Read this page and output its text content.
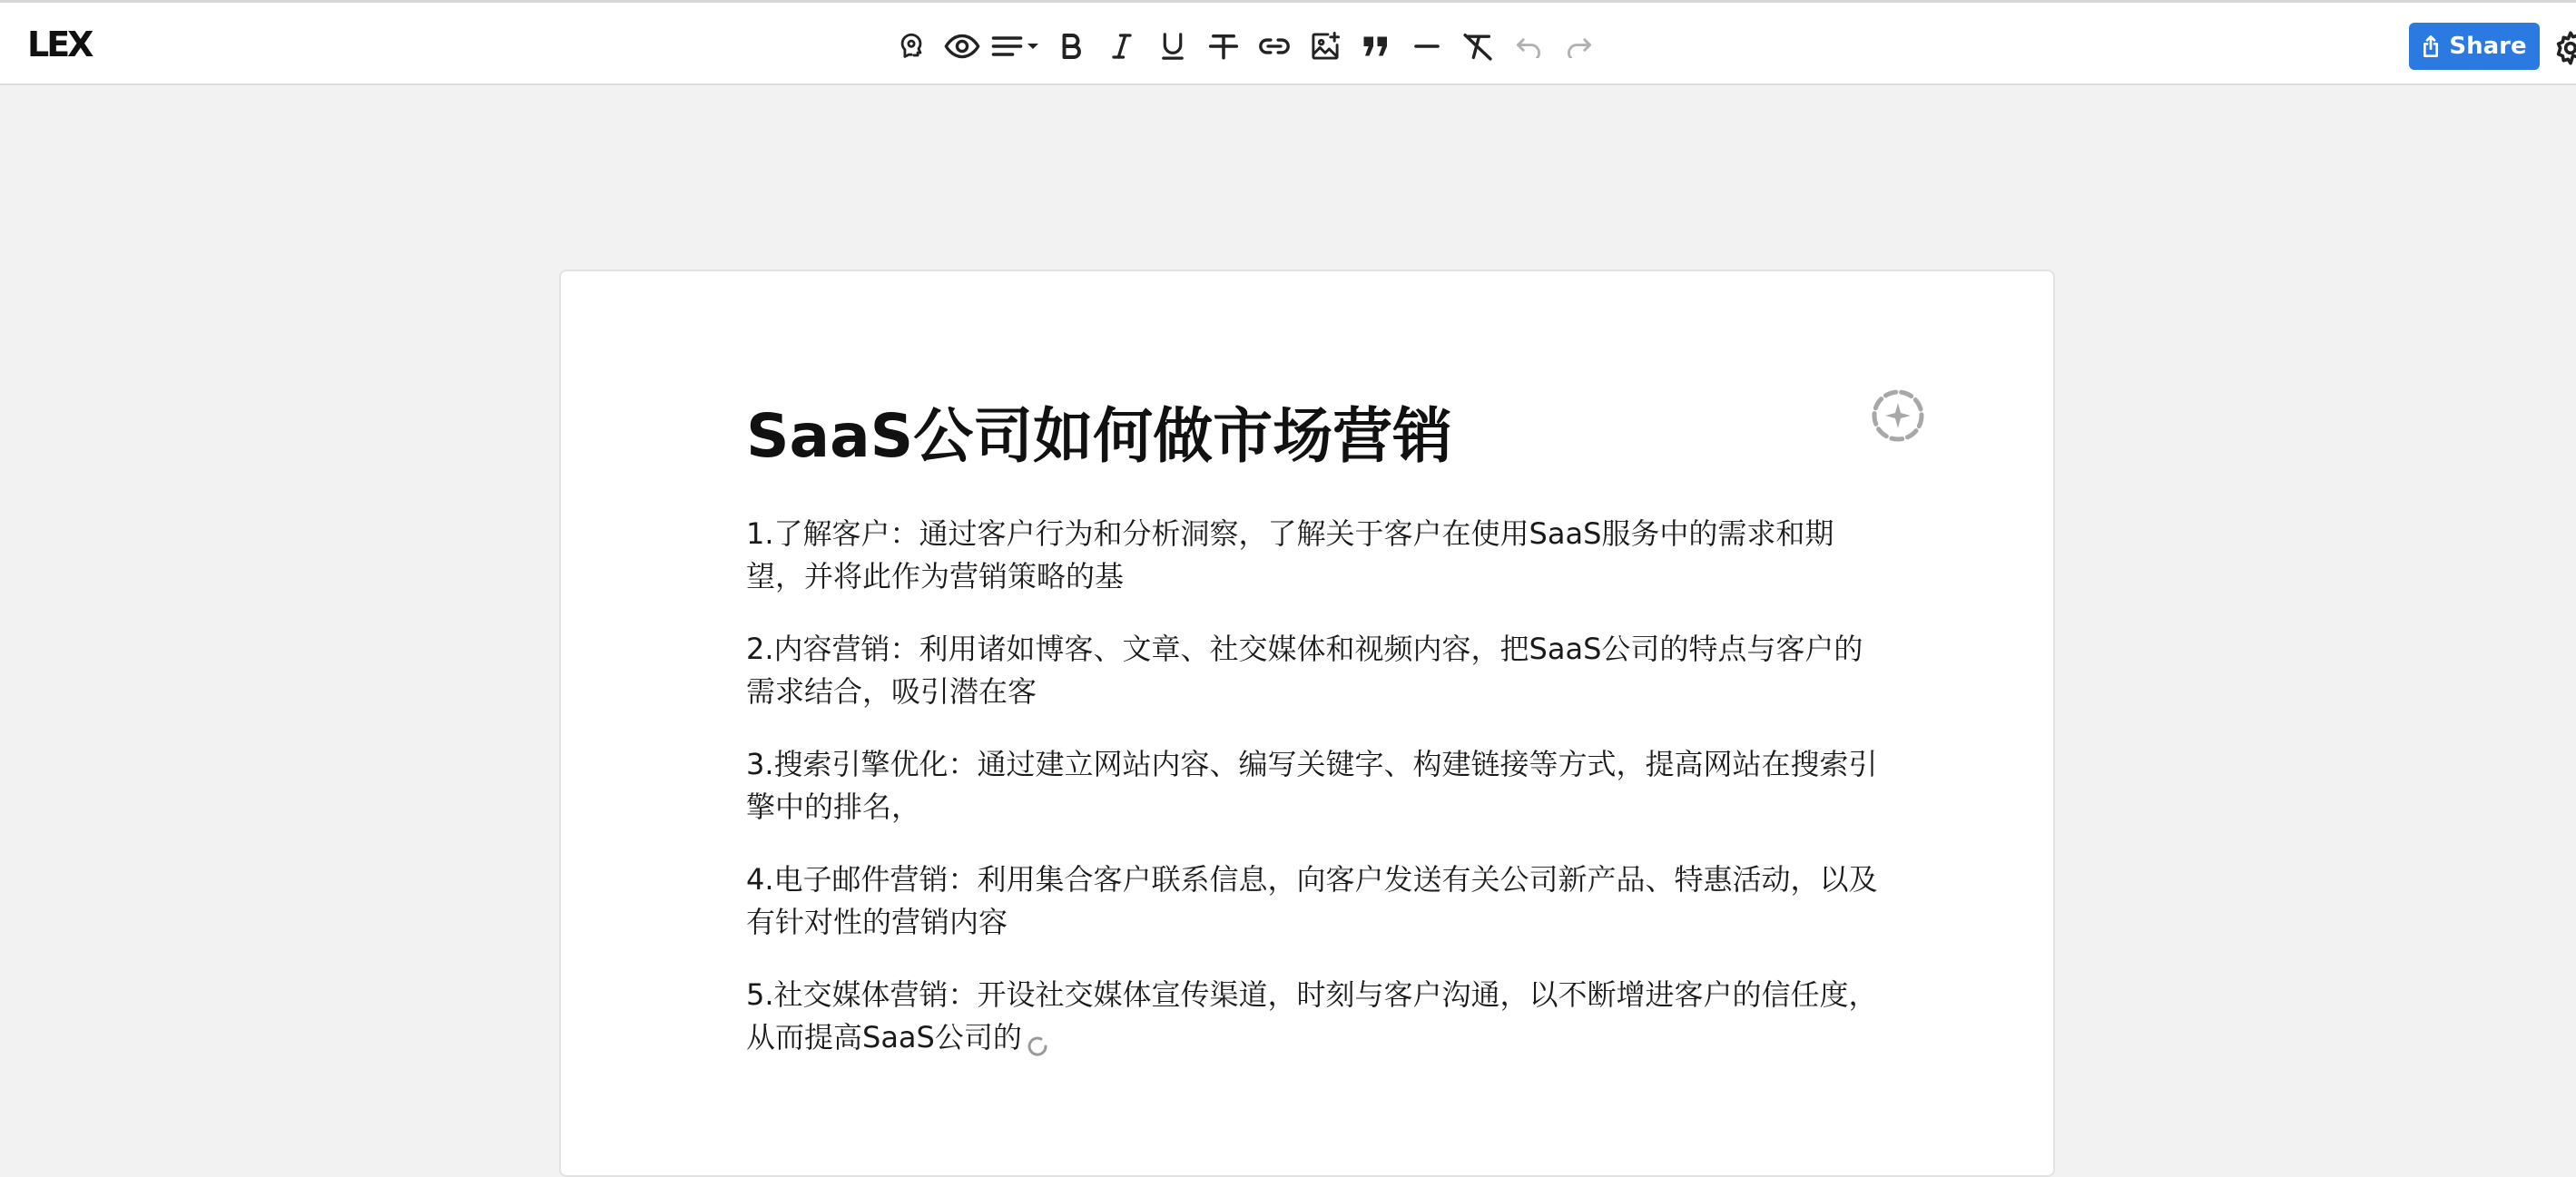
LEX	Share
SaaS公司如何做市场营销

1.了解客户：通过客户行为和分析洞察，了解关于客户在使用SaaS服务中的需求和期望，并将此作为营销策略的基

2.内容营销：利用诸如博客、文章、社交媒体和视频内容，把SaaS公司的特点与客户的需求结合，吸引潜在客

3.搜索引擎优化：通过建立网站内容、编写关键字、构建链接等方式，提高网站在搜索引擎中的排名，

4.电子邮件营销：利用集合客户联系信息，向客户发送有关公司新产品、特惠活动，以及有针对性的营销内容

5.社交媒体营销：开设社交媒体宣传渠道，时刻与客户沟通，以不断增进客户的信任度，从而提高SaaS公司的
